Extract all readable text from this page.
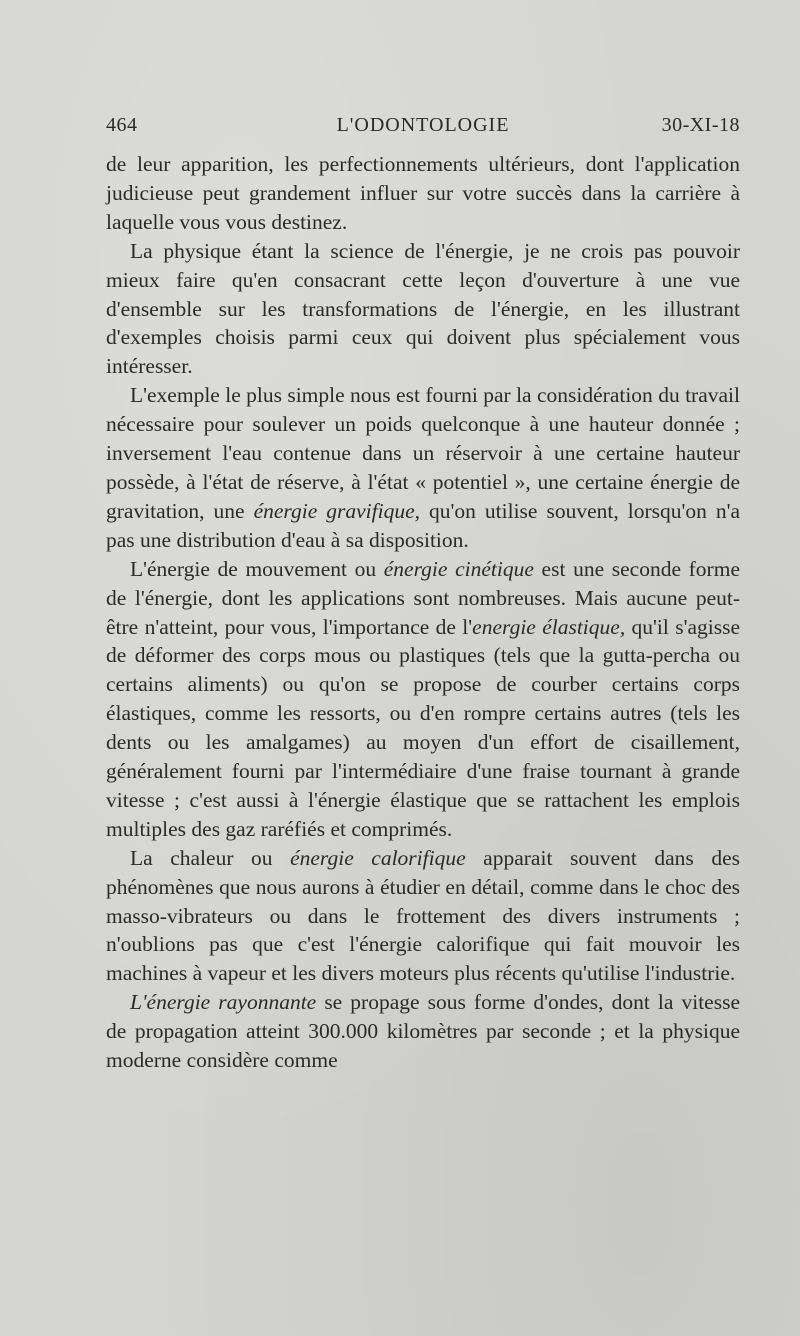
464	L'ODONTOLOGIE	30-XI-18

de leur apparition, les perfectionnements ultérieurs, dont l'application judicieuse peut grandement influer sur votre succès dans la carrière à laquelle vous vous destinez.

La physique étant la science de l'énergie, je ne crois pas pouvoir mieux faire qu'en consacrant cette leçon d'ouverture à une vue d'ensemble sur les transformations de l'énergie, en les illustrant d'exemples choisis parmi ceux qui doivent plus spécialement vous intéresser.

L'exemple le plus simple nous est fourni par la considération du travail nécessaire pour soulever un poids quelconque à une hauteur donnée ; inversement l'eau contenue dans un réservoir à une certaine hauteur possède, à l'état de réserve, à l'état « potentiel », une certaine énergie de gravitation, une énergie gravifique, qu'on utilise souvent, lorsqu'on n'a pas une distribution d'eau à sa disposition.

L'énergie de mouvement ou énergie cinétique est une seconde forme de l'énergie, dont les applications sont nombreuses. Mais aucune peut-être n'atteint, pour vous, l'importance de l'energie élastique, qu'il s'agisse de déformer des corps mous ou plastiques (tels que la gutta-percha ou certains aliments) ou qu'on se propose de courber certains corps élastiques, comme les ressorts, ou d'en rompre certains autres (tels les dents ou les amalgames) au moyen d'un effort de cisaillement, généralement fourni par l'intermédiaire d'une fraise tournant à grande vitesse ; c'est aussi à l'énergie élastique que se rattachent les emplois multiples des gaz raréfiés et comprimés.

La chaleur ou énergie calorifique apparait souvent dans des phénomènes que nous aurons à étudier en détail, comme dans le choc des masso-vibrateurs ou dans le frottement des divers instruments ; n'oublions pas que c'est l'énergie calorifique qui fait mouvoir les machines à vapeur et les divers moteurs plus récents qu'utilise l'industrie.

L'énergie rayonnante se propage sous forme d'ondes, dont la vitesse de propagation atteint 300.000 kilomètres par seconde ; et la physique moderne considère comme
